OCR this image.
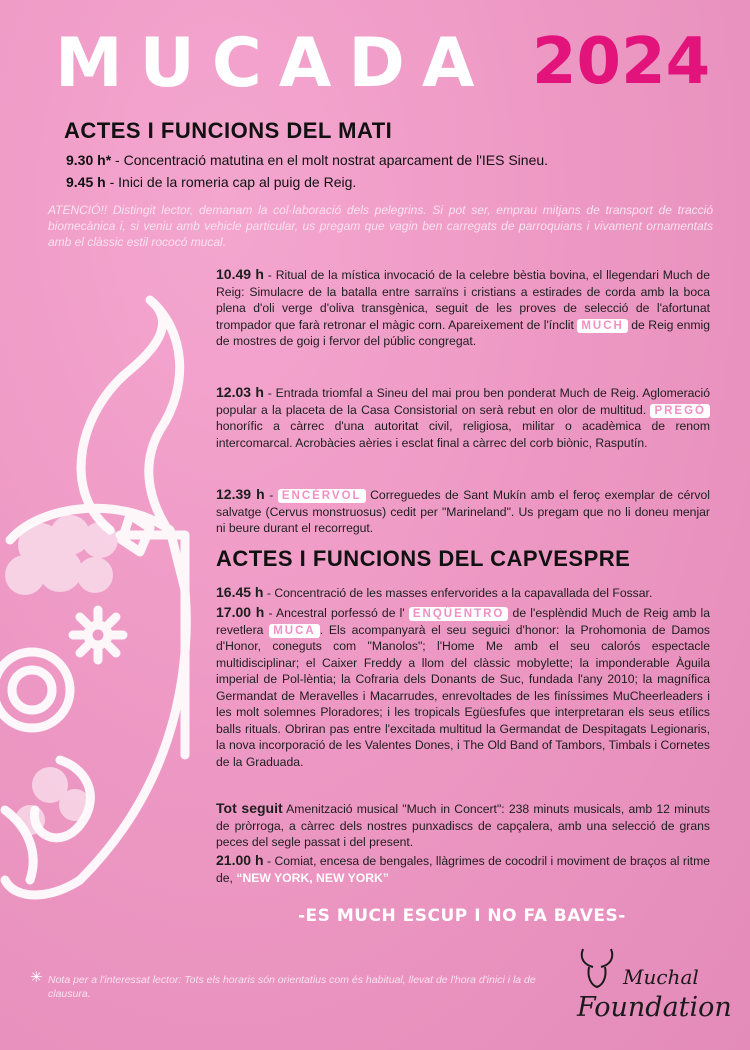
MUCADA 2024
ACTES I FUNCIONS DEL MATI

9.30 h* - Concentració matutina en el molt nostrat aparcament de l'IES Sineu.

9.45 h - Inici de la romeria cap al puig de Reig.

ATENCIÓ!! Distingit lector, demanam la col·laboració dels pelegrins. Si pot ser, emprau mitjans de transport de tracció biomecànica i, si veniu amb vehicle particular, us pregam que vagin ben carregats de parroquians i vivament ornamentats amb el clàssic estil rococó mucal.

10.49 h - Ritual de la mística invocació de la celebre bèstia bovina, el llegendari Much de Reig: Simulacre de la batalla entre sarraïns i cristians a estirades de corda amb la boca plena d'oli verge d'oliva transgènica, seguit de les proves de selecció de l'afortunat trompador que farà retronar el màgic corn. Apareixement de l'ínclit MUCH de Reig enmig de mostres de goig i fervor del públic congregat.

12.03 h - Entrada triomfal a Sineu del mai prou ben ponderat Much de Reig. Aglomeració popular a la placeta de la Casa Consistorial on serà rebut en olor de multitud. PREGÓ honorífic a càrrec d'una autoritat civil, religiosa, militar o acadèmica de renom intercomarcal. Acrobàcies aèries i esclat final a càrrec del corb biònic, Rasputín.

12.39 h - ENCÉRVOL Correguedes de Sant Mukín amb el feroç exemplar de cérvol salvatge (Cervus monstruosus) cedit per "Marineland". Us pregam que no li doneu menjar ni beure durant el recorregut.

ACTES I FUNCIONS DEL CAPVESPRE

16.45 h - Concentració de les masses enfervorides a la capavallada del Fossar.

17.00 h - Ancestral porfessó de l' ENQÜENTRO de l'esplèndid Much de Reig amb la revetlera MUCA . Els acompanyarà el seu seguici d'honor: la Prohomonia de Damos d'Honor, coneguts com "Manolos"; l'Home Me amb el seu calorós espectacle multidisciplinar; el Caixer Freddy a llom del clàssic mobylette; la imponderable Àguila imperial de Pol-lèntia; la Cofraria dels Donants de Suc, fundada l'any 2010; la magnífica Germandat de Meravelles i Macarrudes, enrevoltades de les finíssimes MuCheerleaders i les molt solemnes Ploradores; i les tropicals Egüesfufes que interpretaran els seus etílics balls rituals. Obriran pas entre l'excitada multitud la Germandat de Despitagats Legionaris, la nova incorporació de les Valentes Dones, i The Old Band of Tambors, Timbals i Cornetes de la Graduada.

Tot seguit Amenització musical "Much in Concert": 238 minuts musicals, amb 12 minuts de pròrroga, a càrrec dels nostres punxadiscs de capçalera, amb una selecció de grans peces del segle passat i del present.

21.00 h - Comiat, encesa de bengales, llàgrimes de cocodril i moviment de braços al ritme de, “NEW YORK, NEW YORK”

-ES MUCH ESCUP I NO FA BAVES-
✳ Nota per a l'interessat lector: Tots els horaris són orientatius com és habitual, llevat de l'hora d'inici i la de clausura.

Muchal

Foundation
